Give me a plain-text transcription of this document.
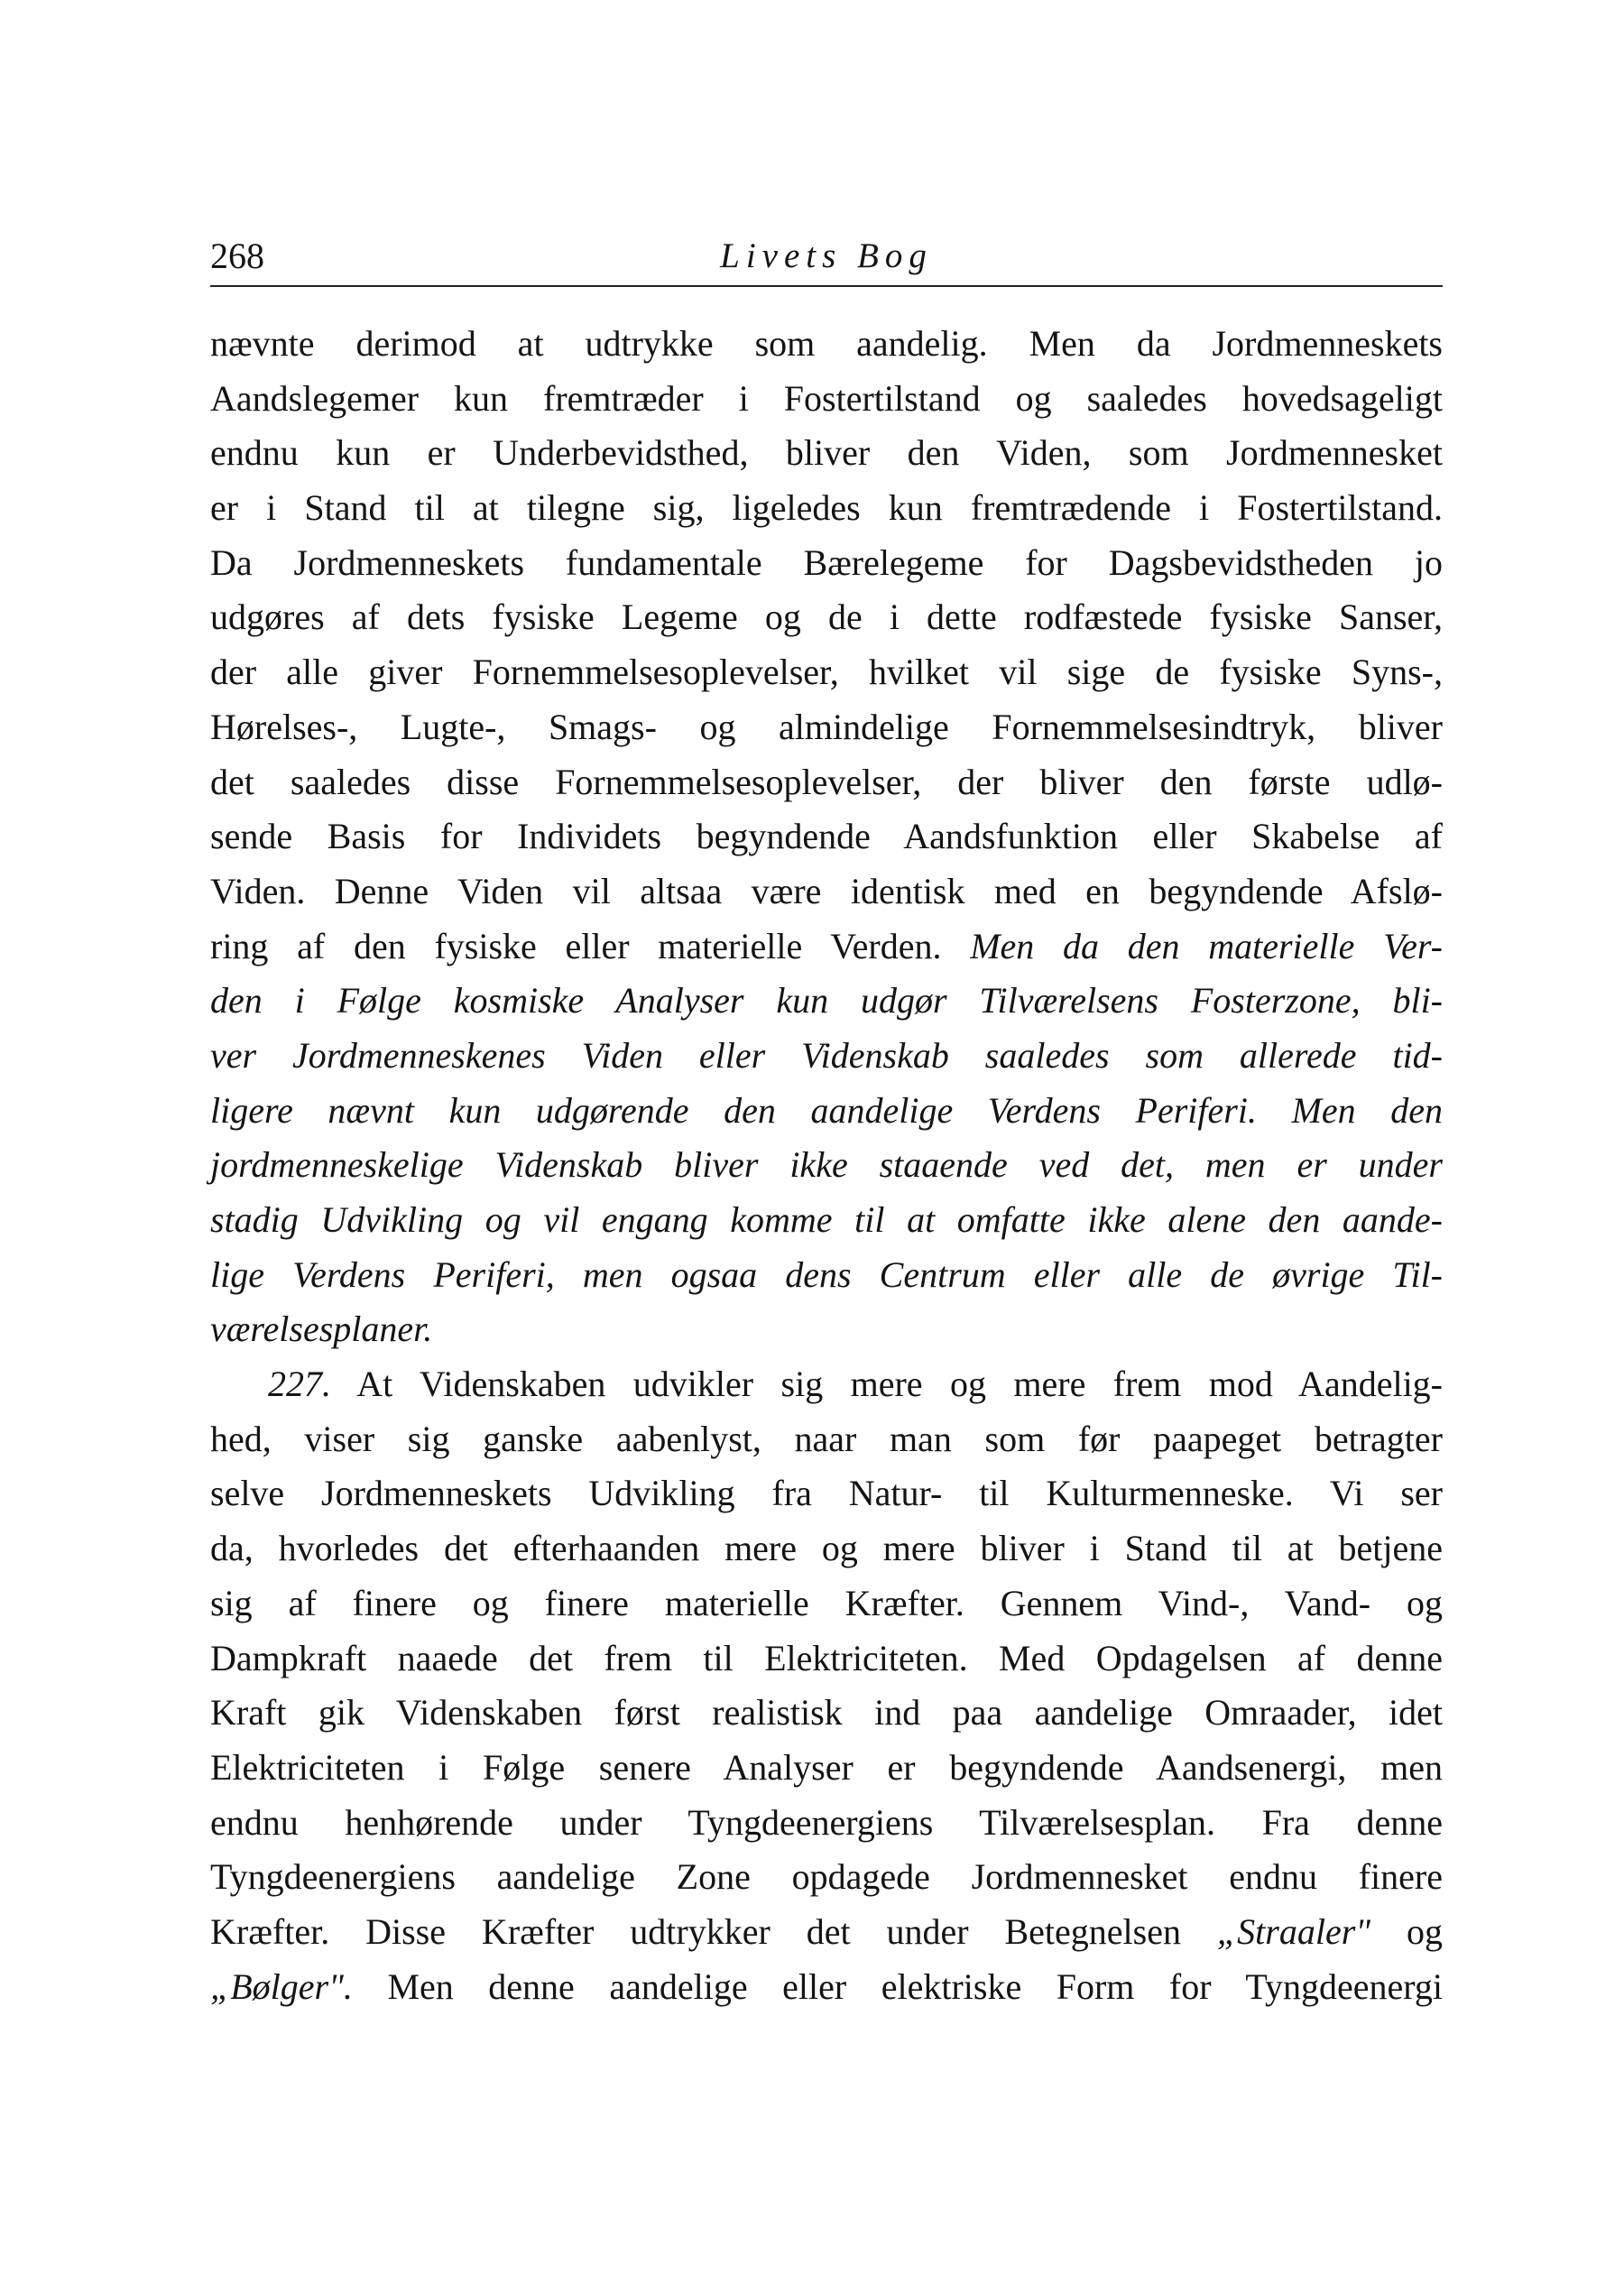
268	Livets Bog
nævnte derimod at udtrykke som aandelig. Men da Jordmenneskets
Aandslegemer kun fremtræder i Fostertilstand og saaledes hovedsageligt
endnu kun er Underbevidsthed, bliver den Viden, som Jordmennesket
er i Stand til at tilegne sig, ligeledes kun fremtrædende i Fostertilstand.
Da Jordmenneskets fundamentale Bærelegeme for Dagsbevidstheden jo
udgøres af dets fysiske Legeme og de i dette rodfæstede fysiske Sanser,
der alle giver Fornemmelsesoplevelser, hvilket vil sige de fysiske Syns-,
Hørelses-, Lugte-, Smags- og almindelige Fornemmelsesindtryk, bliver
det saaledes disse Fornemmelsesoplevelser, der bliver den første udlø-
sende Basis for Individets begyndende Aandsfunktion eller Skabelse af
Viden. Denne Viden vil altsaa være identisk med en begyndende Afslø-
ring af den fysiske eller materielle Verden. Men da den materielle Ver-
den i Følge kosmiske Analyser kun udgør Tilværelsens Fosterzone, bli-
ver Jordmenneskenes Viden eller Videnskab saaledes som allerede tid-
ligere nævnt kun udgørende den aandelige Verdens Periferi. Men den
jordmenneskelige Videnskab bliver ikke staaende ved det, men er under
stadig Udvikling og vil engang komme til at omfatte ikke alene den aande-
lige Verdens Periferi, men ogsaa dens Centrum eller alle de øvrige Til-
værelsesplaner.
227. At Videnskaben udvikler sig mere og mere frem mod Aandelig-
hed, viser sig ganske aabenlyst, naar man som før paapeget betragter
selve Jordmenneskets Udvikling fra Natur- til Kulturmenneske. Vi ser
da, hvorledes det efterhaanden mere og mere bliver i Stand til at betjene
sig af finere og finere materielle Kræfter. Gennem Vind-, Vand- og
Dampkraft naaede det frem til Elektriciteten. Med Opdagelsen af denne
Kraft gik Videnskaben først realistisk ind paa aandelige Omraader, idet
Elektriciteten i Følge senere Analyser er begyndende Aandsenergi, men
endnu henhørende under Tyngdeenergiens Tilværelsesplan. Fra denne
Tyngdeenergiens aandelige Zone opdagede Jordmennesket endnu finere
Kræfter. Disse Kræfter udtrykker det under Betegnelsen „Straaler" og
„Bølger". Men denne aandelige eller elektriske Form for Tyngdeenergi
